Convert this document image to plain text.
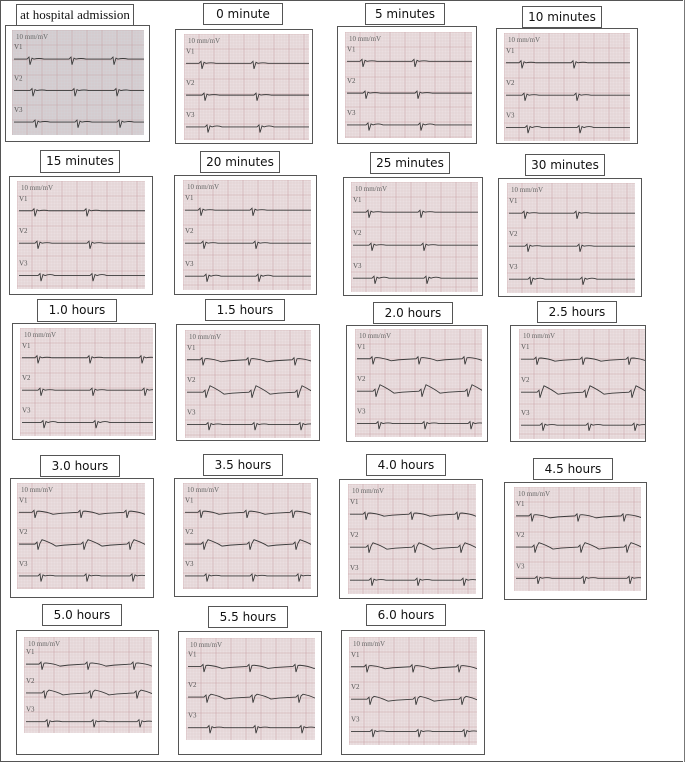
at hospital admission
10 mm/mV
V1
V2
V3
0 minute
10 mm/mV
V1
V2
V3
5 minutes
10 mm/mV
V1
V2
V3
10 minutes
10 mm/mV
V1
V2
V3
15 minutes
10 mm/mV
V1
V2
V3
20 minutes
10 mm/mV
V1
V2
V3
25 minutes
10 mm/mV
V1
V2
V3
30 minutes
10 mm/mV
V1
V2
V3
1.0 hours
10 mm/mV
V1
V2
V3
1.5 hours
10 mm/mV
V1
V2
V3
2.0 hours
10 mm/mV
V1
V2
V3
2.5 hours
10 mm/mV
V1
V2
V3
3.0 hours
10 mm/mV
V1
V2
V3
3.5 hours
10 mm/mV
V1
V2
V3
4.0 hours
10 mm/mV
V1
V2
V3
4.5 hours
10 mm/mV
V1
V2
V3
5.0 hours
10 mm/mV
V1
V2
V3
5.5 hours
10 mm/mV
V1
V2
V3
6.0 hours
10 mm/mV
V1
V2
V3
